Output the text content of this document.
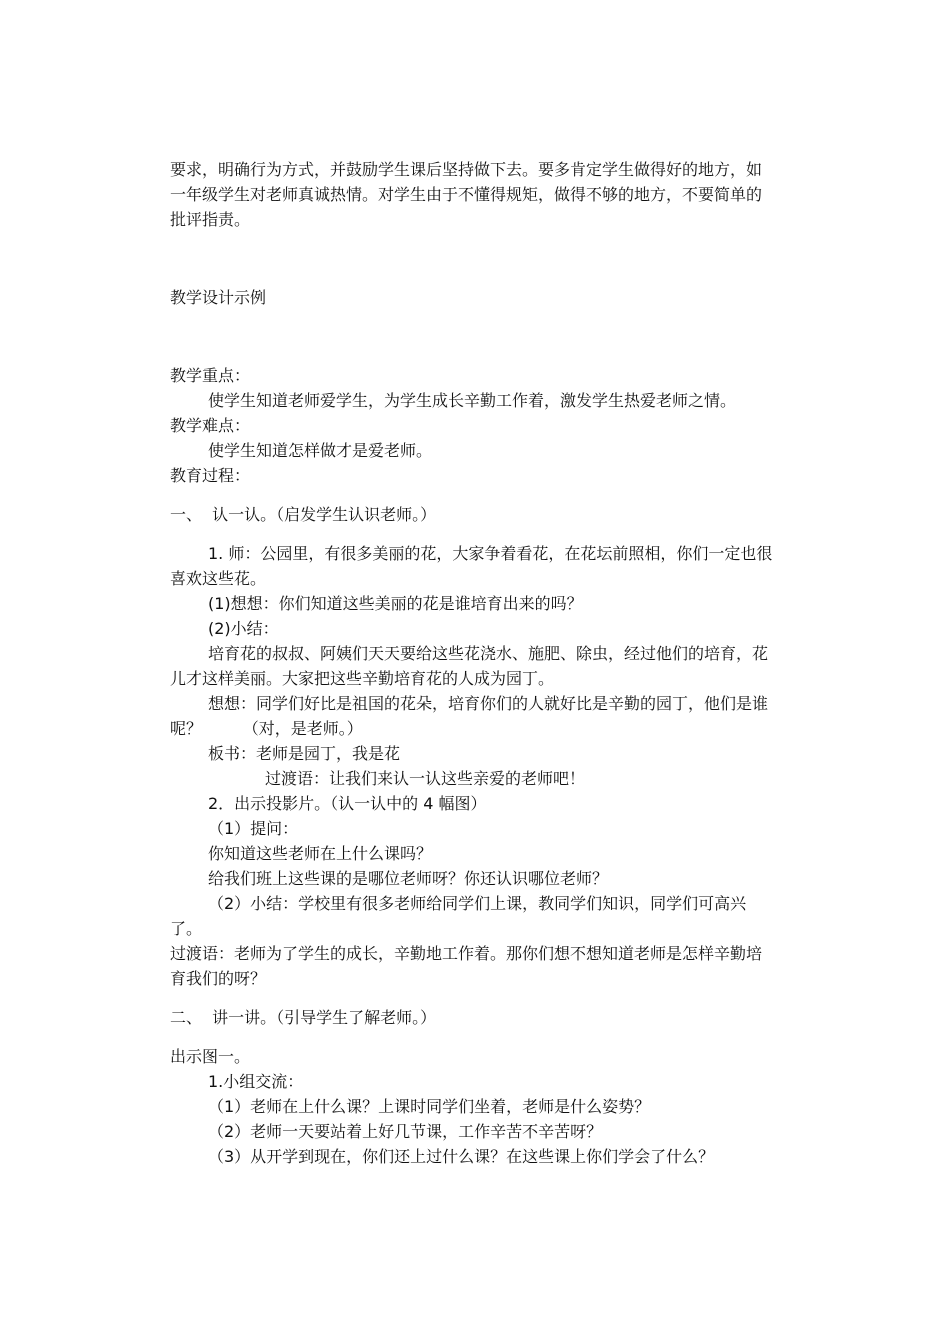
要求，明确行为方式，并鼓励学生课后坚持做下去。要多肯定学生做得好的地方，如一年级学生对老师真诚热情。对学生由于不懂得规矩，做得不够的地方，不要简单的批评指责。

教学设计示例

教学重点：

使学生知道老师爱学生，为学生成长辛勤工作着，激发学生热爱老师之情。

教学难点：

使学生知道怎样做才是爱老师。

教育过程：

一、  认一认。（启发学生认识老师。）

1. 师：公园里，有很多美丽的花，大家争着看花，在花坛前照相，你们一定也很喜欢这些花。

(1)想想：你们知道这些美丽的花是谁培育出来的吗？

(2)小结：

培育花的叔叔、阿姨们天天要给这些花浇水、施肥、除虫，经过他们的培育，花儿才这样美丽。大家把这些辛勤培育花的人成为园丁。

想想：同学们好比是祖国的花朵，培育你们的人就好比是辛勤的园丁，他们是谁呢？        （对，是老师。）

板书：老师是园丁，我是花

过渡语：让我们来认一认这些亲爱的老师吧！

2．出示投影片。（认一认中的 4 幅图）

（1）提问：

你知道这些老师在上什么课吗？

给我们班上这些课的是哪位老师呀？你还认识哪位老师？

（2）小结：学校里有很多老师给同学们上课，教同学们知识，同学们可高兴了。

过渡语：老师为了学生的成长，辛勤地工作着。那你们想不想知道老师是怎样辛勤培育我们的呀？

二、  讲一讲。（引导学生了解老师。）

出示图一。

1.小组交流：

（1）老师在上什么课？上课时同学们坐着，老师是什么姿势？

（2）老师一天要站着上好几节课，工作辛苦不辛苦呀？

（3）从开学到现在，你们还上过什么课？在这些课上你们学会了什么？
